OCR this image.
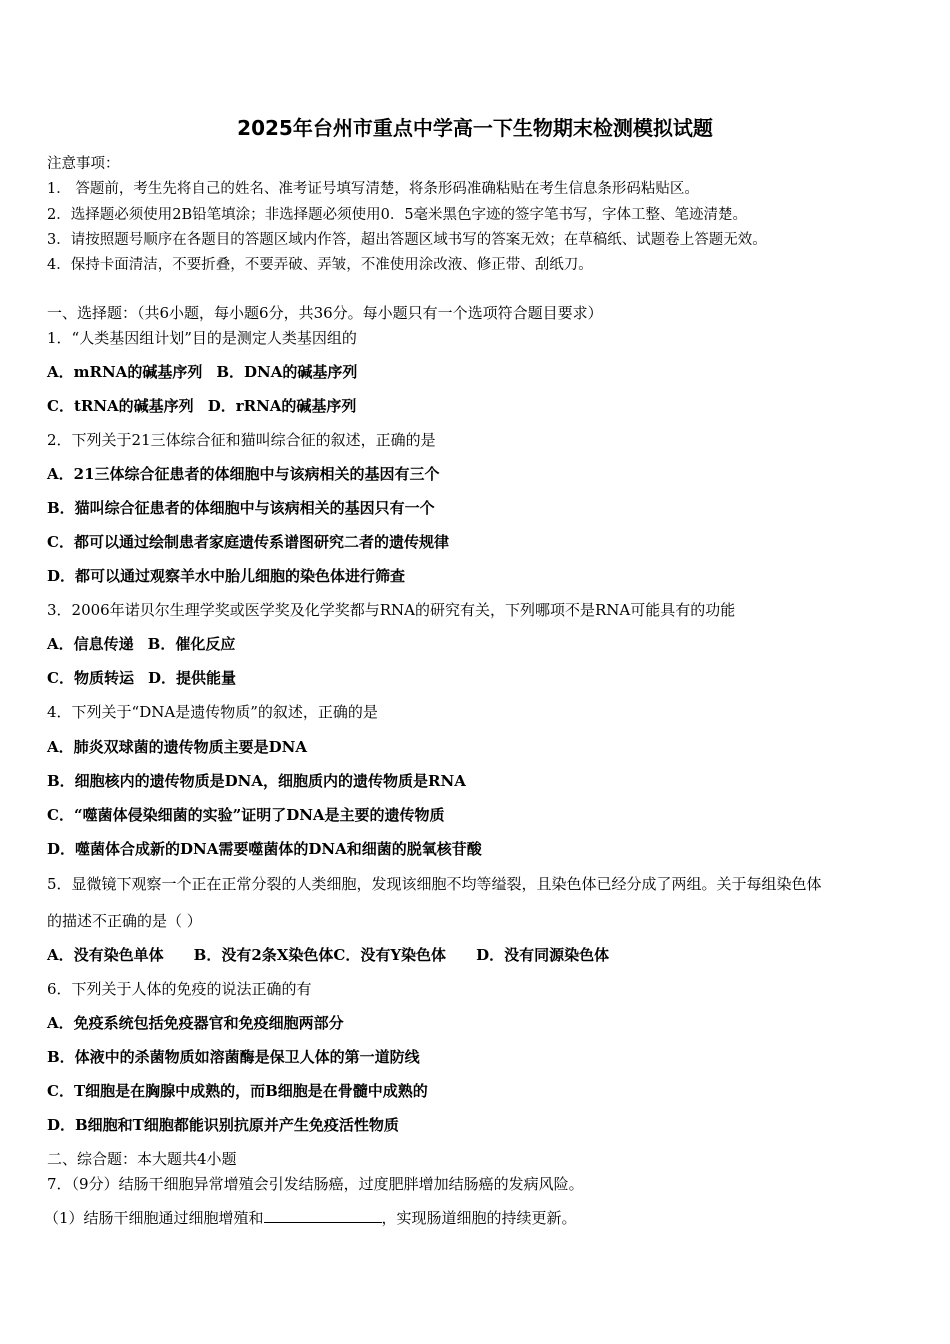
2025年台州市重点中学高一下生物期末检测模拟试题
注意事项：
1． 答题前，考生先将自己的姓名、准考证号填写清楚，将条形码准确粘贴在考生信息条形码粘贴区。
2．选择题必须使用2B铅笔填涂；非选择题必须使用0．5毫米黑色字迹的签字笔书写，字体工整、笔迹清楚。
3．请按照题号顺序在各题目的答题区域内作答，超出答题区域书写的答案无效；在草稿纸、试题卷上答题无效。
4．保持卡面清洁，不要折叠，不要弄破、弄皱，不准使用涂改液、修正带、刮纸刀。
一、选择题：（共6小题，每小题6分，共36分。每小题只有一个选项符合题目要求）
1．“人类基因组计划”目的是测定人类基因组的
A．mRNA的碱基序列 B．DNA的碱基序列
C．tRNA的碱基序列 D．rRNA的碱基序列
2．下列关于21三体综合征和猫叫综合征的叙述，正确的是
A．21三体综合征患者的体细胞中与该病相关的基因有三个
B．猫叫综合征患者的体细胞中与该病相关的基因只有一个
C．都可以通过绘制患者家庭遗传系谱图研究二者的遗传规律
D．都可以通过观察羊水中胎儿细胞的染色体进行筛查
3．2006年诺贝尔生理学奖或医学奖及化学奖都与RNA的研究有关，下列哪项不是RNA可能具有的功能
A．信息传递 B．催化反应
C．物质转运 D．提供能量
4．下列关于“DNA是遗传物质”的叙述，正确的是
A．肺炎双球菌的遗传物质主要是DNA
B．细胞核内的遗传物质是DNA，细胞质内的遗传物质是RNA
C．“噬菌体侵染细菌的实验”证明了DNA是主要的遗传物质
D．噬菌体合成新的DNA需要噬菌体的DNA和细菌的脱氧核苷酸
5．显微镜下观察一个正在正常分裂的人类细胞，发现该细胞不均等缢裂，且染色体已经分成了两组。关于每组染色体
的描述不正确的是（ ）
A．没有染色单体 B．没有2条X染色体C．没有Y染色体 D．没有同源染色体
6．下列关于人体的免疫的说法正确的有
A．免疫系统包括免疫器官和免疫细胞两部分
B．体液中的杀菌物质如溶菌酶是保卫人体的第一道防线
C．T细胞是在胸腺中成熟的，而B细胞是在骨髓中成熟的
D．B细胞和T细胞都能识别抗原并产生免疫活性物质
二、综合题：本大题共4小题
7．（9分）结肠干细胞异常增殖会引发结肠癌，过度肥胖增加结肠癌的发病风险。
（1）结肠干细胞通过细胞增殖和	，实现肠道细胞的持续更新。
